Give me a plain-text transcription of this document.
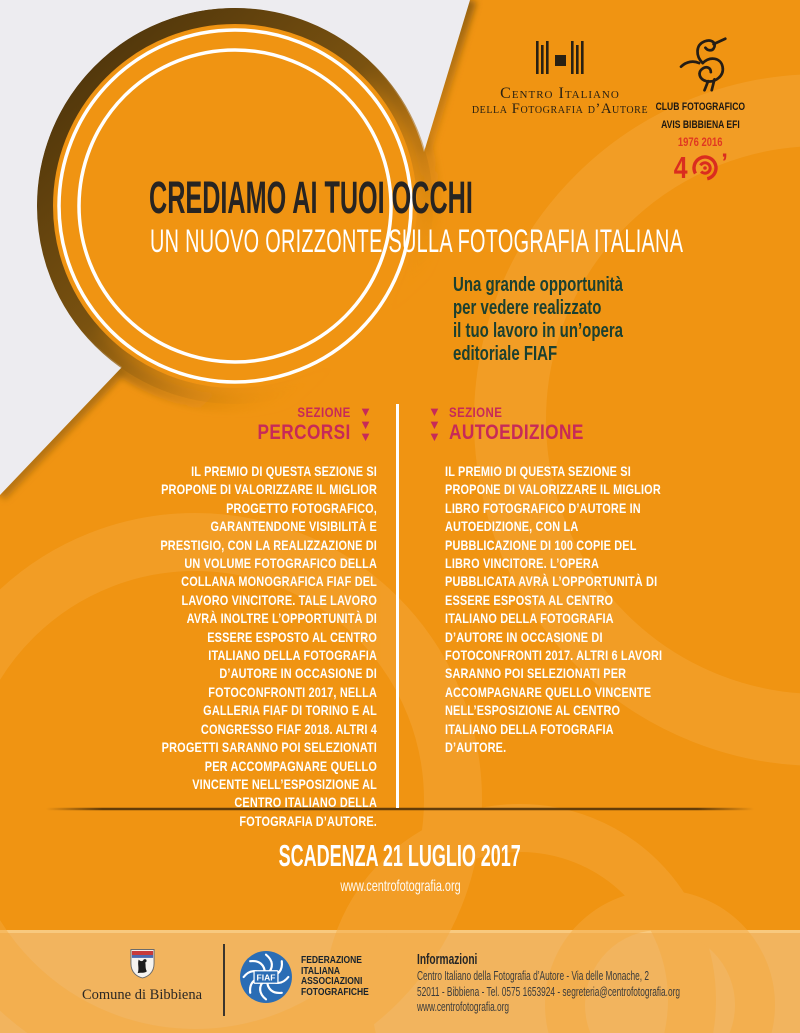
Centro Italiano
della Fotografia d’Autore CLUB FOTOGRAFICO
AVIS BIBBIENA EFI
1976 2016
4 ’
CREDIAMO AI TUOI OCCHI
UN NUOVO ORIZZONTE SULLA FOTOGRAFIA ITALIANA
Una grande opportunità
per vedere realizzato
il tuo lavoro in un’opera
editoriale FIAF
SEZIONE
PERCORSI
▼
▼
▼
▼
▼
▼
SEZIONE
AUTOEDIZIONE
IL PREMIO DI QUESTA SEZIONE SI PROPONE DI VALORIZZARE IL MIGLIOR PROGETTO FOTOGRAFICO, GARANTENDONE VISIBILITÀ E PRESTIGIO, CON LA REALIZZAZIONE DI UN VOLUME FOTOGRAFICO DELLA COLLANA MONOGRAFICA FIAF DEL LAVORO VINCITORE. TALE LAVORO AVRÀ INOLTRE L’OPPORTUNITÀ DI ESSERE ESPOSTO AL CENTRO ITALIANO DELLA FOTOGRAFIA D’AUTORE IN OCCASIONE DI FOTOCONFRONTI 2017, NELLA GALLERIA FIAF DI TORINO E AL CONGRESSO FIAF 2018. ALTRI 4 PROGETTI SARANNO POI SELEZIONATI PER ACCOMPAGNARE QUELLO VINCENTE NELL’ESPOSIZIONE AL CENTRO ITALIANO DELLA FOTOGRAFIA D’AUTORE.
IL PREMIO DI QUESTA SEZIONE SI PROPONE DI VALORIZZARE IL MIGLIOR LIBRO FOTOGRAFICO D’AUTORE IN AUTOEDIZIONE, CON LA PUBBLICAZIONE DI 100 COPIE DEL LIBRO VINCITORE. L’OPERA PUBBLICATA AVRÀ L’OPPORTUNITÀ DI ESSERE ESPOSTA AL CENTRO ITALIANO DELLA FOTOGRAFIA D’AUTORE IN OCCASIONE DI FOTOCONFRONTI 2017. ALTRI 6 LAVORI SARANNO POI SELEZIONATI PER ACCOMPAGNARE QUELLO VINCENTE NELL’ESPOSIZIONE AL CENTRO ITALIANO DELLA FOTOGRAFIA D’AUTORE.
SCADENZA 21 LUGLIO 2017
www.centrofotografia.org
Comune di Bibbiena
FIAF
FEDERAZIONE
ITALIANA
ASSOCIAZIONI
FOTOGRAFICHE
Informazioni
Centro Italiano della Fotografia d’Autore - Via delle Monache, 2
52011 - Bibbiena - Tel. 0575 1653924 - segreteria@centrofotografia.org
www.centrofotografia.org
